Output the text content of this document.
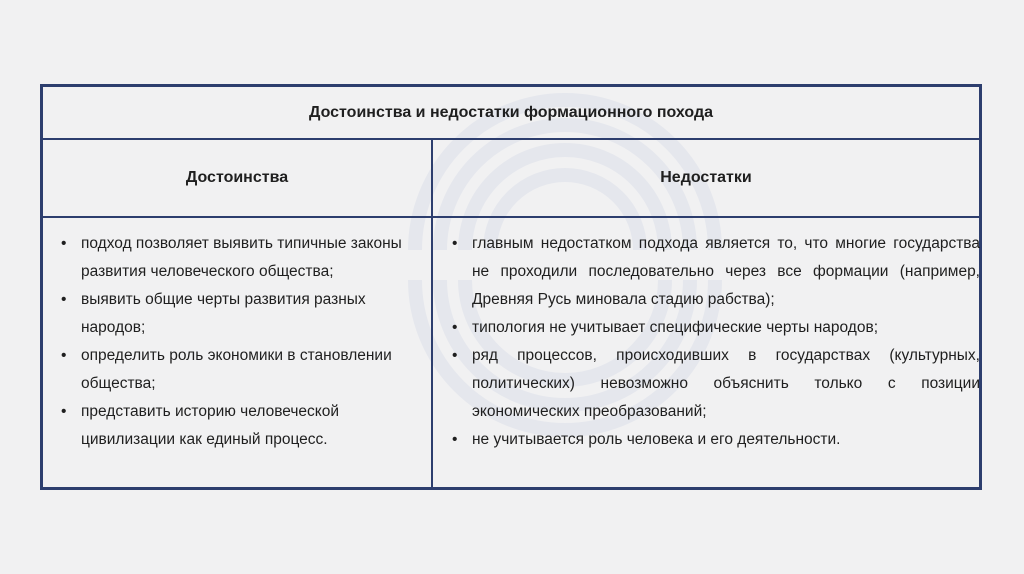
Достоинства и недостатки формационного похода
Достоинства	Недостатки
• подход позволяет выявить типичные законы развития человеческого общества;
• выявить общие черты развития разных народов;
• определить роль экономики в становлении общества;
• представить историю человеческой цивилизации как единый процесс.
• главным недостатком подхода является то, что многие государства не проходили последовательно через все формации (например, Древняя Русь миновала стадию рабства);
• типология не учитывает специфические черты народов;
• ряд процессов, происходивших в государствах (культурных, политических) невозможно объяснить только с позиции экономических преобразований;
• не учитывается роль человека и его деятельности.
